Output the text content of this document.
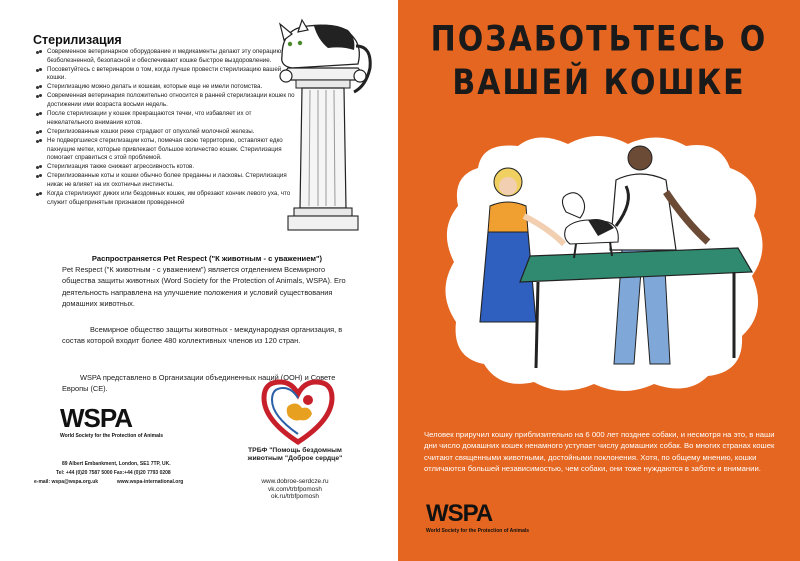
Стерилизация
Современное ветеринарное оборудование и медикаменты делают эту операцию безболезненной, безопасной и обеспечивают кошке быстрое выздоровление.
Посоветуйтесь с ветеринаром о том, когда лучше провести стерилизацию вашей кошки.
Стерилизацию можно делать и кошкам, которые еще не имели потомства.
Современная ветеринария положительно относится в ранней стерилизации кошек по достижении ими возраста восьми недель.
После стерилизации у кошек прекращаются течки, что избавляет их от нежелательного внимания котов.
Стерилизованные кошки реже страдают от опухолей молочной железы.
Не подвергшиеся стерилизации коты, помечая свою территорию, оставляют едко пахнущие метки, которые привлекают большое количество кошек. Стерилизация помогает справиться с этой проблемой.
Стерилизация также снижает агрессивность котов.
Стерилизованные коты и кошки обычно более преданны и ласковы. Стерилизация никак не влияет на их охотничьи инстинкты.
Когда стерилизуют диких или бездомных кошек, им обрезают кончик левого уха, что служит общепринятым признаком проведенной
Распространяется Pet Respect ("К животным - с уважением")
Pet Respect ("К животным - с уважением") является отделением Всемирного общества защиты животных (Word Society for the Protection of Animals, WSPA). Его деятельность направлена на улучшение положения и условий существования домашних животных.
Всемирное общество защиты животных - международная организация, в состав которой входит более 480 коллективных членов из 120 стран.
WSPA представлено в Организации объединенных наций (ООН) и Совете Европы (СЕ).
WSPA
World Society for the Protection of Animals
89 Albert Embankment, London, SE1 7TP, UK.
Tel: +44 (0)20 7587 5000 Fax:+44 (0)20 7793 0208
e-mail: wspa@wspa.org.uk	www.wspa-international.org
ТРБФ "Помощь бездомным животным "Доброе сердце"
www.dobroe-serdcze.ru
vk.com/trbfpomosh
ok.ru/trbfpomosh
ПОЗАБОТЬТЕСЬ О
ВАШЕЙ КОШКЕ
Человек приручил кошку приблизительно на 6 000 лет позднее собаки, и несмотря на это, в наши дни число домашних кошек ненамного уступает числу домашних собак. Во многих странах кошек считают священными животными, достойными поклонения. Хотя, по общему мнению, кошки отличаются большей независимостью, чем собаки, они тоже нуждаются в заботе и внимании.
WSPA
World Society for the Protection of Animals
